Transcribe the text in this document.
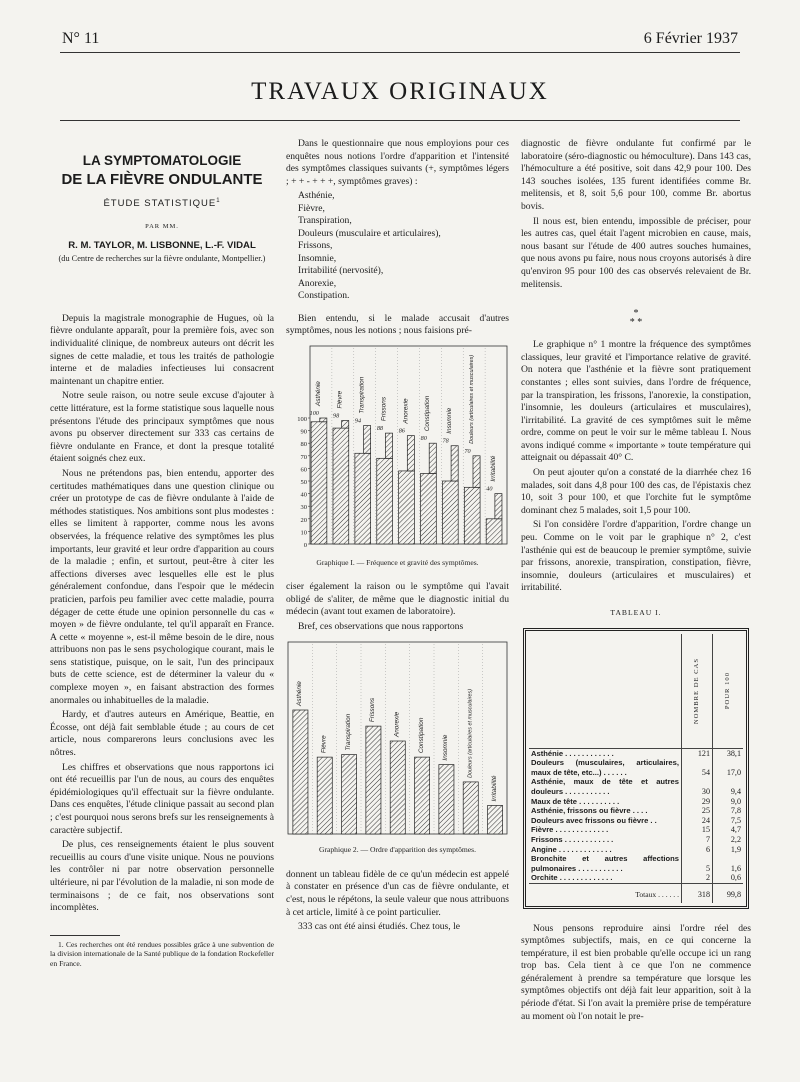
N° 11	6 Février 1937
TRAVAUX ORIGINAUX
LA SYMPTOMATOLOGIE
DE LA FIÈVRE ONDULANTE
ÉTUDE STATISTIQUE$^1$
PAR MM.
R. M. TAYLOR, M. LISBONNE, L.-F. VIDAL
(du Centre de recherches sur la fièvre ondulante, Montpellier.)

Depuis la magistrale monographie de Hugues, où la fièvre ondulante apparaît, pour la première fois, avec son individualité clinique, de nombreux auteurs ont décrit les signes de cette maladie, et tous les traités de pathologie interne et de maladies infectieuses lui consacrent maintenant un chapitre entier.

Notre seule raison, ou notre seule excuse d'ajouter à cette littérature, est la forme statistique sous laquelle nous présentons l'étude des principaux symptômes que nous avons pu observer directement sur 333 cas certains de fièvre ondulante en France, et dont la presque totalité étaient soignés chez eux.

Nous ne prétendons pas, bien entendu, apporter des certitudes mathématiques dans une question clinique ou créer un prototype de cas de fièvre ondulante à l'aide de méthodes statistiques. Nos ambitions sont plus modestes : elles se limitent à rapporter, comme nous les avons observées, la fréquence relative des symptômes les plus importants, leur gravité et leur ordre d'apparition au cours de la maladie ; enfin, et surtout, peut-être à citer les affections diverses avec lesquelles elle est le plus généralement confondue, dans l'espoir que le médecin praticien, parfois peu familier avec cette maladie, pourra dégager de cette étude une opinion personnelle du cas « moyen » de fièvre ondulante, tel qu'il apparaît en France. A cette « moyenne », est-il même besoin de le dire, nous attribuons non pas le sens psychologique courant, mais le sens statistique, puisque, on le sait, l'un des principaux buts de cette science, est de déterminer la valeur du « complexe moyen », en faisant abstraction des formes anormales ou inhabituelles de la maladie.

Hardy, et d'autres auteurs en Amérique, Beattie, en Écosse, ont déjà fait semblable étude ; au cours de cet article, nous comparerons leurs conclusions avec les nôtres.

Les chiffres et observations que nous rapportons ici ont été recueillis par l'un de nous, au cours des enquêtes épidémiologiques qu'il effectuait sur la fièvre ondulante. Dans ces enquêtes, l'étude clinique passait au second plan ; c'est pourquoi nous serons brefs sur les renseignements à caractère subjectif.

De plus, ces renseignements étaient le plus souvent recueillis au cours d'une visite unique. Nous ne pouvions les contrôler ni par notre observation personnelle ultérieure, ni par l'évolution de la maladie, ni son mode de terminaisons ; de ce fait, nos observations sont incomplètes.

1. Ces recherches ont été rendues possibles grâce à une subvention de la division internationale de la Santé publique de la fondation Rockefeller en France.

Dans le questionnaire que nous employions pour ces enquêtes nous notions l'ordre d'apparition et l'intensité des symptômes classiques suivants (+, symptômes légers ; + + - + + +, symptômes graves) :

Asthénie,
Fièvre,
Transpiration,
Douleurs (musculaire et articulaires),
Frissons,
Insomnie,
Irritabilité (nervosité),
Anorexie,
Constipation.

Bien entendu, si le malade accusait d'autres symptômes, nous les notions ; nous faisions pré-

0
10
20
30
40
50
60
70
80
90
100
100
Asthénie
98
Fièvre
94
Transpiration
88
Frissons
86
Anorexie
80
Constipation
78
Insomnie
70
Douleurs (articulaires et musculaires)
40
Irritabilité
Graphique I. — Fréquence et gravité des symptômes.

ciser également la raison ou le symptôme qui l'avait obligé de s'aliter, de même que le diagnostic initial du médecin (avant tout examen de laboratoire).

Bref, ces observations que nous rapportons

Asthénie
Fièvre	Transpiration
Frissons
Anorexie	Constipation	Insomnie	Douleurs (articulaires et musculaires)
Irritabilité
Graphique 2. — Ordre d'apparition des symptômes.

donnent un tableau fidèle de ce qu'un médecin est appelé à constater en présence d'un cas de fièvre ondulante, et c'est, nous le répétons, la seule valeur que nous attribuons à cet article, limité à ce point particulier.

333 cas ont été ainsi étudiés. Chez tous, le

diagnostic de fièvre ondulante fut confirmé par le laboratoire (séro-diagnostic ou hémoculture). Dans 143 cas, l'hémoculture a été positive, soit dans 42,9 pour 100. Des 143 souches isolées, 135 furent identifiées comme Br. melitensis, et 8, soit 5,6 pour 100, comme Br. abortus bovis.

Il nous est, bien entendu, impossible de préciser, pour les autres cas, quel était l'agent microbien en cause, mais, nous basant sur l'étude de 400 autres souches humaines, que nous avons pu faire, nous nous croyons autorisés à dire qu'environ 95 pour 100 des cas observés relevaient de Br. melitensis.

*
* *

Le graphique n° 1 montre la fréquence des symptômes classiques, leur gravité et l'importance relative de gravité. On notera que l'asthénie et la fièvre sont pratiquement constantes ; elles sont suivies, dans l'ordre de fréquence, par la transpiration, les frissons, l'anorexie, la constipation, l'insomnie, les douleurs (articulaires et musculaires), l'irritabilité. La gravité de ces symptômes suit le même ordre, comme on peut le voir sur le même tableau I. Nous avons indiqué comme « importante » toute température qui atteignait ou dépassait 40° C.

On peut ajouter qu'on a constaté de la diarrhée chez 16 malades, soit dans 4,8 pour 100 des cas, de l'épistaxis chez 10, soit 3 pour 100, et que l'orchite fut le symptôme dominant chez 5 malades, soit 1,5 pour 100.

Si l'on considère l'ordre d'apparition, l'ordre change un peu. Comme on le voit par le graphique n° 2, c'est l'asthénie qui est de beaucoup le premier symptôme, suivie par frissons, anorexie, transpiration, constipation, fièvre, insomnie, douleurs (articulaires et musculaires) et irritabilité.

TABLEAU I.

	NOMBRE DE CAS	POUR 100

Asthénie . . . . . . . . . . . .	121	38,1
Douleurs (musculaires, articulaires, maux de tête, etc...) . . . . . .	54	17,0
Asthénie, maux de tête et autres douleurs . . . . . . . . . . .	30	9,4
Maux de tête . . . . . . . . . .	29	9,0
Asthénie, frissons ou fièvre . . . .	25	7,8
Douleurs avec frissons ou fièvre . .	24	7,5
Fièvre . . . . . . . . . . . . .	15	4,7
Frissons . . . . . . . . . . . .	7	2,2
Angine . . . . . . . . . . . . .	6	1,9
Bronchite et autres affections pulmonaires . . . . . . . . . . .	5	1,6
Orchite . . . . . . . . . . . . .	2	0,6
Totaux . . . . . .	318	99,8

Nous pensons reproduire ainsi l'ordre réel des symptômes subjectifs, mais, en ce qui concerne la température, il est bien probable qu'elle occupe ici un rang trop bas. Cela tient à ce que l'on ne commence généralement à prendre sa température que lorsque les symptômes objectifs ont déjà fait leur apparition, soit à la période d'état. Si l'on avait la première prise de température au moment où l'on notait le pre-
